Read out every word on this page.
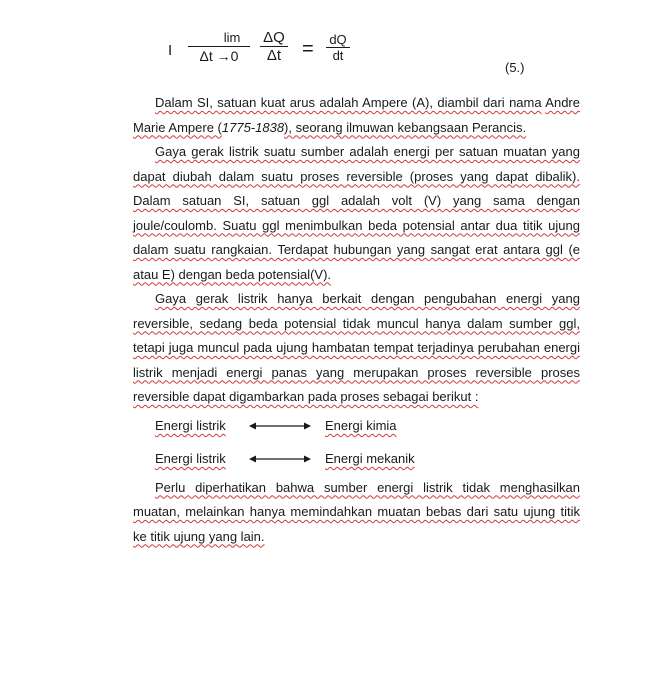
I
lim
Δt →0
ΔQ
Δt = dQ
dt
(5.)

Dalam SI, satuan kuat arus adalah Ampere (A), diambil dari nama Andre Marie Ampere (1775-1838), seorang ilmuwan kebangsaan Perancis.

Gaya gerak listrik suatu sumber adalah energi per satuan muatan yang dapat diubah dalam suatu proses reversible (proses yang dapat dibalik). Dalam satuan SI, satuan ggl adalah volt (V) yang sama dengan joule/coulomb. Suatu ggl menimbulkan beda potensial antar dua titik ujung dalam suatu rangkaian. Terdapat hubungan yang sangat erat antara ggl (e atau E) dengan beda potensial(V).

Gaya gerak listrik hanya berkait dengan pengubahan energi yang reversible, sedang beda potensial tidak muncul hanya dalam sumber ggl, tetapi juga muncul pada ujung hambatan tempat terjadinya perubahan energi listrik menjadi energi panas yang merupakan proses reversible proses reversible dapat digambarkan pada proses sebagai berikut :

Energi listrik	Energi kimia
Energi listrik	Energi mekanik

Perlu diperhatikan bahwa sumber energi listrik tidak menghasilkan muatan, melainkan hanya memindahkan muatan bebas dari satu ujung titik ke titik ujung yang lain.
